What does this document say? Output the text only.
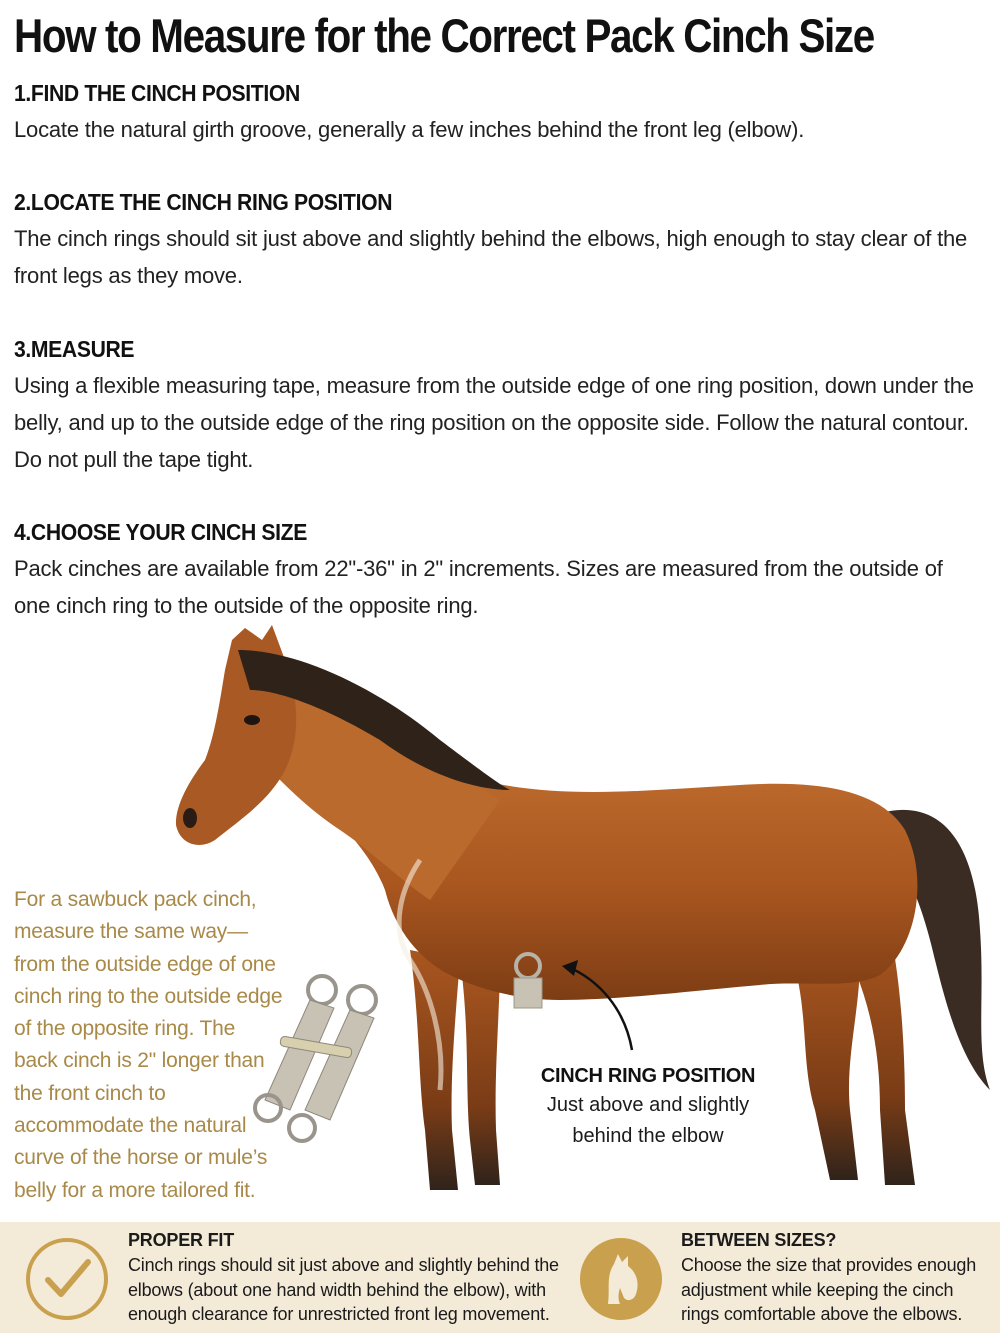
How to Measure for the Correct Pack Cinch Size
1.FIND THE CINCH POSITION

Locate the natural girth groove, generally a few inches behind the front leg (elbow).

2.LOCATE THE CINCH RING POSITION

The cinch rings should sit just above and slightly behind the elbows, high enough to stay clear of the front legs as they move.

3.MEASURE

Using a flexible measuring tape, measure from the outside edge of one ring position, down under the belly, and up to the outside edge of the ring position on the opposite side. Follow the natural contour. Do not pull the tape tight.

4.CHOOSE YOUR CINCH SIZE

Pack cinches are available from 22"-36" in 2" increments. Sizes are measured from the outside of one cinch ring to the outside of the opposite ring.

For a sawbuck pack cinch, measure the same way—from the outside edge of one cinch ring to the outside edge of the opposite ring. The back cinch is 2" longer than the front cinch to accommodate the natural curve of the horse or mule’s belly for a more tailored fit.
CINCH RING POSITION
Just above and slightly behind the elbow
PROPER FIT
Cinch rings should sit just above and slightly behind the elbows (about one hand width behind the elbow), with enough clearance for unrestricted front leg movement.
BETWEEN SIZES?
Choose the size that provides enough adjustment while keeping the cinch rings comfortable above the elbows.
